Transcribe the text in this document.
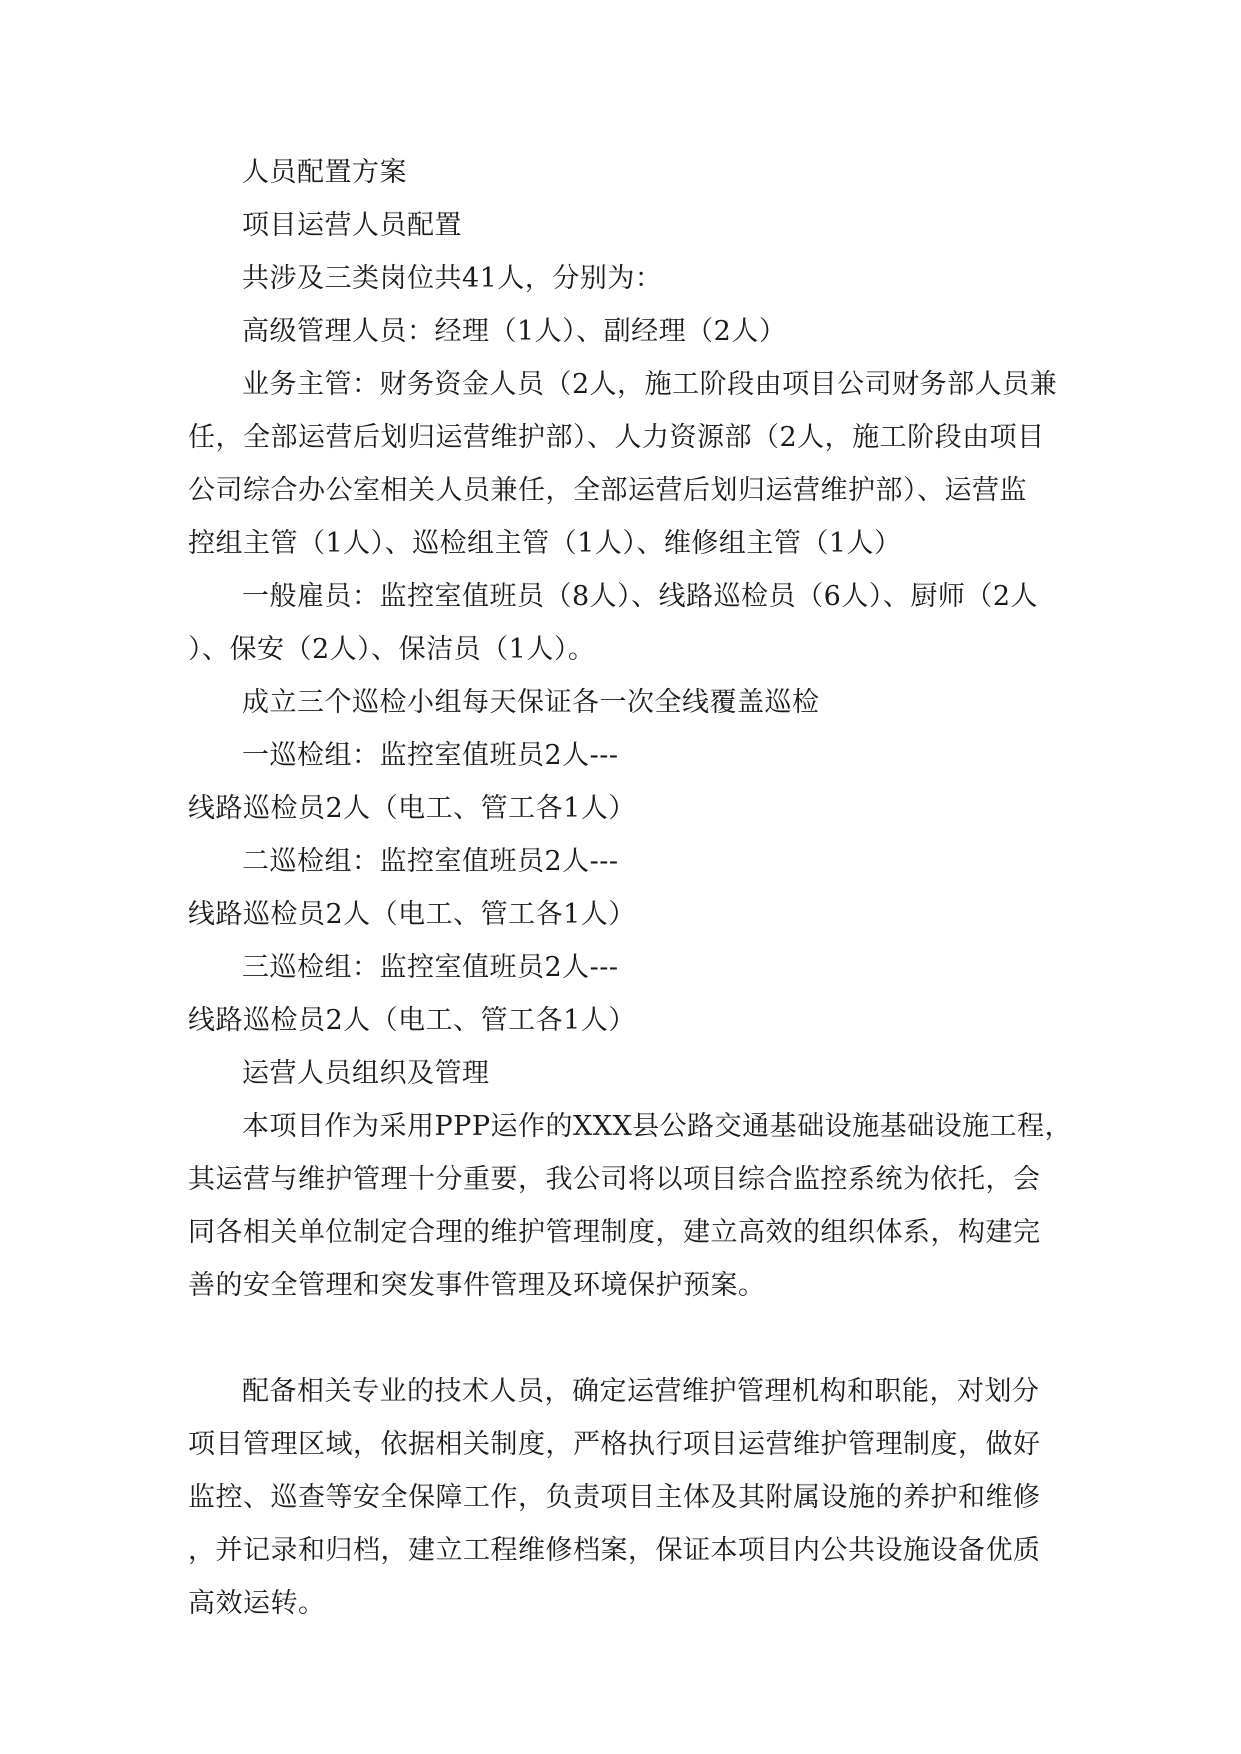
人员配置方案
项目运营人员配置
共涉及三类岗位共41人，分别为：
高级管理人员：经理（1人）、副经理（2人）
业务主管：财务资金人员（2人，施工阶段由项目公司财务部人员兼
任，全部运营后划归运营维护部）、人力资源部（2人，施工阶段由项目
公司综合办公室相关人员兼任，全部运营后划归运营维护部）、运营监
控组主管（1人）、巡检组主管（1人）、维修组主管（1人）
一般雇员：监控室值班员（8人）、线路巡检员（6人）、厨师（2人
）、保安（2人）、保洁员（1人）。
成立三个巡检小组每天保证各一次全线覆盖巡检
一巡检组：监控室值班员2人---
线路巡检员2人（电工、管工各1人）
二巡检组：监控室值班员2人---
线路巡检员2人（电工、管工各1人）
三巡检组：监控室值班员2人---
线路巡检员2人（电工、管工各1人）
运营人员组织及管理
本项目作为采用PPP运作的XXX县公路交通基础设施基础设施工程，
其运营与维护管理十分重要，我公司将以项目综合监控系统为依托，会
同各相关单位制定合理的维护管理制度，建立高效的组织体系，构建完
善的安全管理和突发事件管理及环境保护预案。
配备相关专业的技术人员，确定运营维护管理机构和职能，对划分
项目管理区域，依据相关制度，严格执行项目运营维护管理制度，做好
监控、巡查等安全保障工作，负责项目主体及其附属设施的养护和维修
，并记录和归档，建立工程维修档案，保证本项目内公共设施设备优质
高效运转。
